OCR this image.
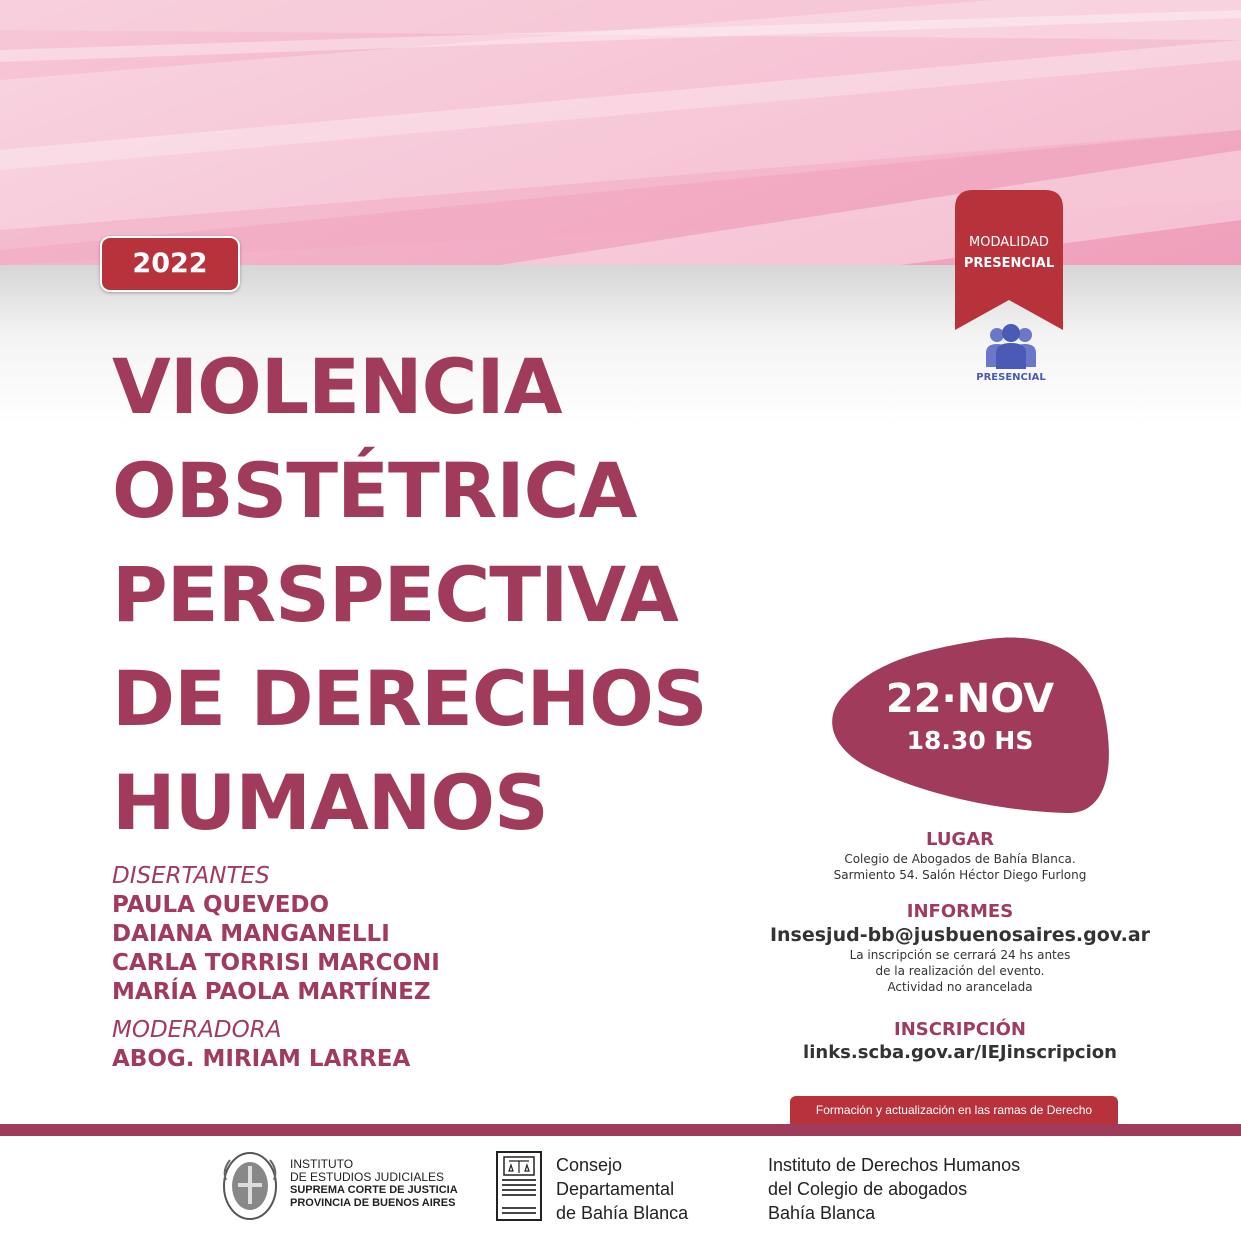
2022
MODALIDAD
PRESENCIAL
PRESENCIAL
VIOLENCIA
OBSTÉTRICA
PERSPECTIVA
DE DERECHOS
HUMANOS
DISERTANTES
PAULA QUEVEDO
DAIANA MANGANELLI
CARLA TORRISI MARCONI
MARÍA PAOLA MARTÍNEZ
MODERADORA
ABOG. MIRIAM LARREA
22·NOV
18.30 HS
LUGAR
Colegio de Abogados de Bahía Blanca.
Sarmiento 54. Salón Héctor Diego Furlong
INFORMES
Insesjud-bb@jusbuenosaires.gov.ar
La inscripción se cerrará 24 hs antes
de la realización del evento.
Actividad no arancelada
INSCRIPCIÓN
links.scba.gov.ar/IEJinscripcion
Formación y actualización en las ramas de Derecho
INSTITUTO
DE ESTUDIOS JUDICIALES
SUPREMA CORTE DE JUSTICIA
PROVINCIA DE BUENOS AIRES
Consejo
Departamental
de Bahía Blanca
Instituto de Derechos Humanos
del Colegio de abogados
Bahía Blanca
